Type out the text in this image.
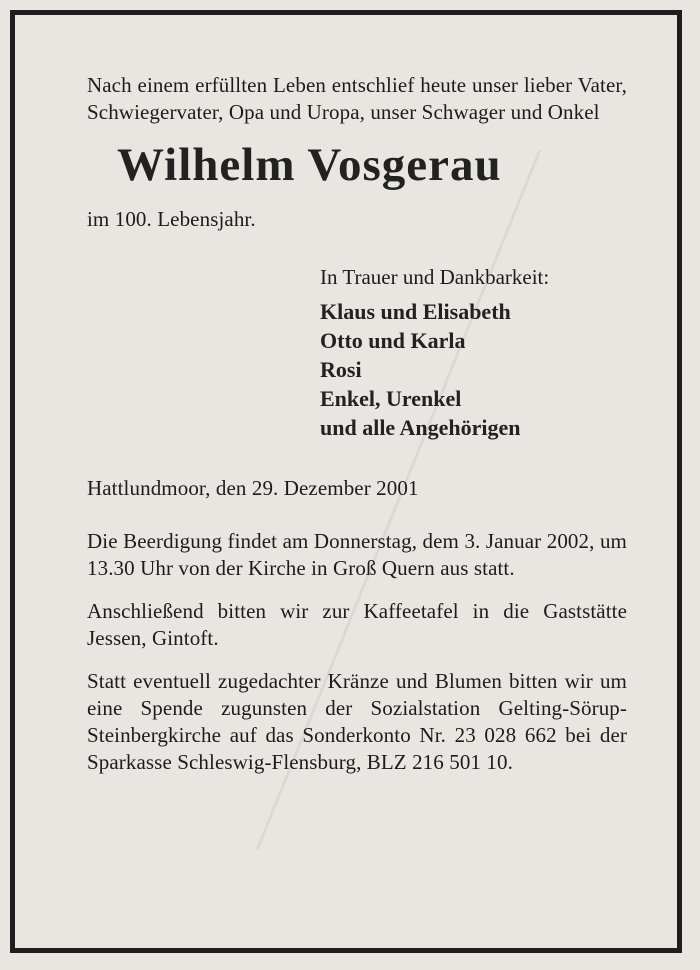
Nach einem erfüllten Leben entschlief heute unser lieber Vater, Schwiegervater, Opa und Uropa, unser Schwager und Onkel

Wilhelm Vosgerau

im 100. Lebensjahr.

In Trauer und Dankbarkeit:
Klaus und Elisabeth
Otto und Karla
Rosi
Enkel, Urenkel
und alle Angehörigen

Hattlundmoor, den 29. Dezember 2001

Die Beerdigung findet am Donnerstag, dem 3. Januar 2002, um 13.30 Uhr von der Kirche in Groß Quern aus statt.

Anschließend bitten wir zur Kaffeetafel in die Gaststätte Jessen, Gintoft.

Statt eventuell zugedachter Kränze und Blumen bitten wir um eine Spende zugunsten der Sozialstation Gelting-Sörup-Steinbergkirche auf das Sonderkonto Nr. 23 028 662 bei der Sparkasse Schleswig-Flensburg, BLZ 216 501 10.
